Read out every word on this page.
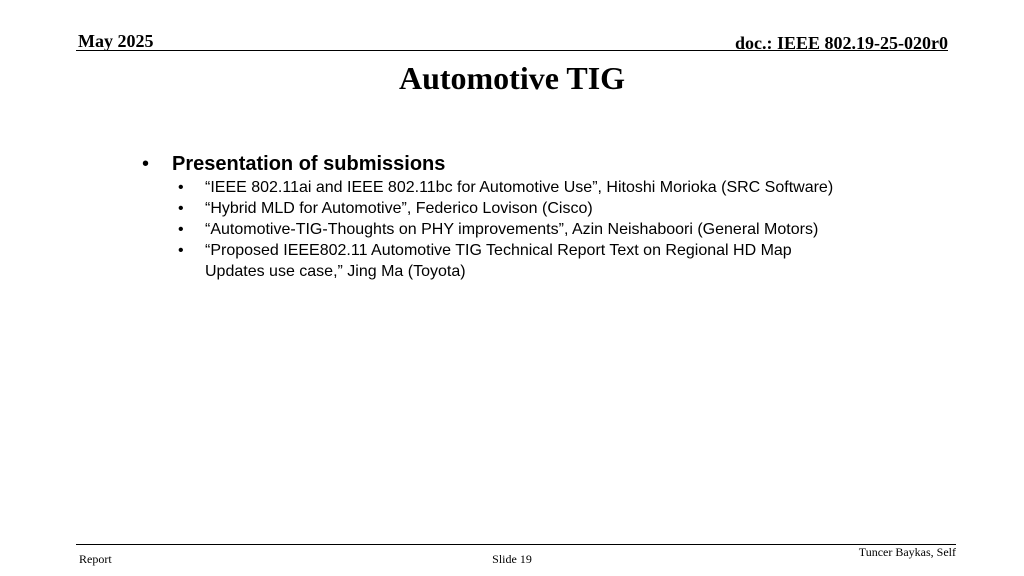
May 2025	doc.: IEEE 802.19-25-020r0
Automotive TIG
•	Presentation of submissions
•	“IEEE 802.11ai and IEEE 802.11bc for Automotive Use”, Hitoshi Morioka (SRC Software)
•	“Hybrid MLD for Automotive”, Federico Lovison (Cisco)
•	“Automotive-TIG-Thoughts on PHY improvements”, Azin Neishaboori (General Motors)
•	“Proposed IEEE802.11 Automotive TIG Technical Report Text on Regional HD Map Updates use case,” Jing Ma (Toyota)
Report	Slide 19	Tuncer Baykas, Self
